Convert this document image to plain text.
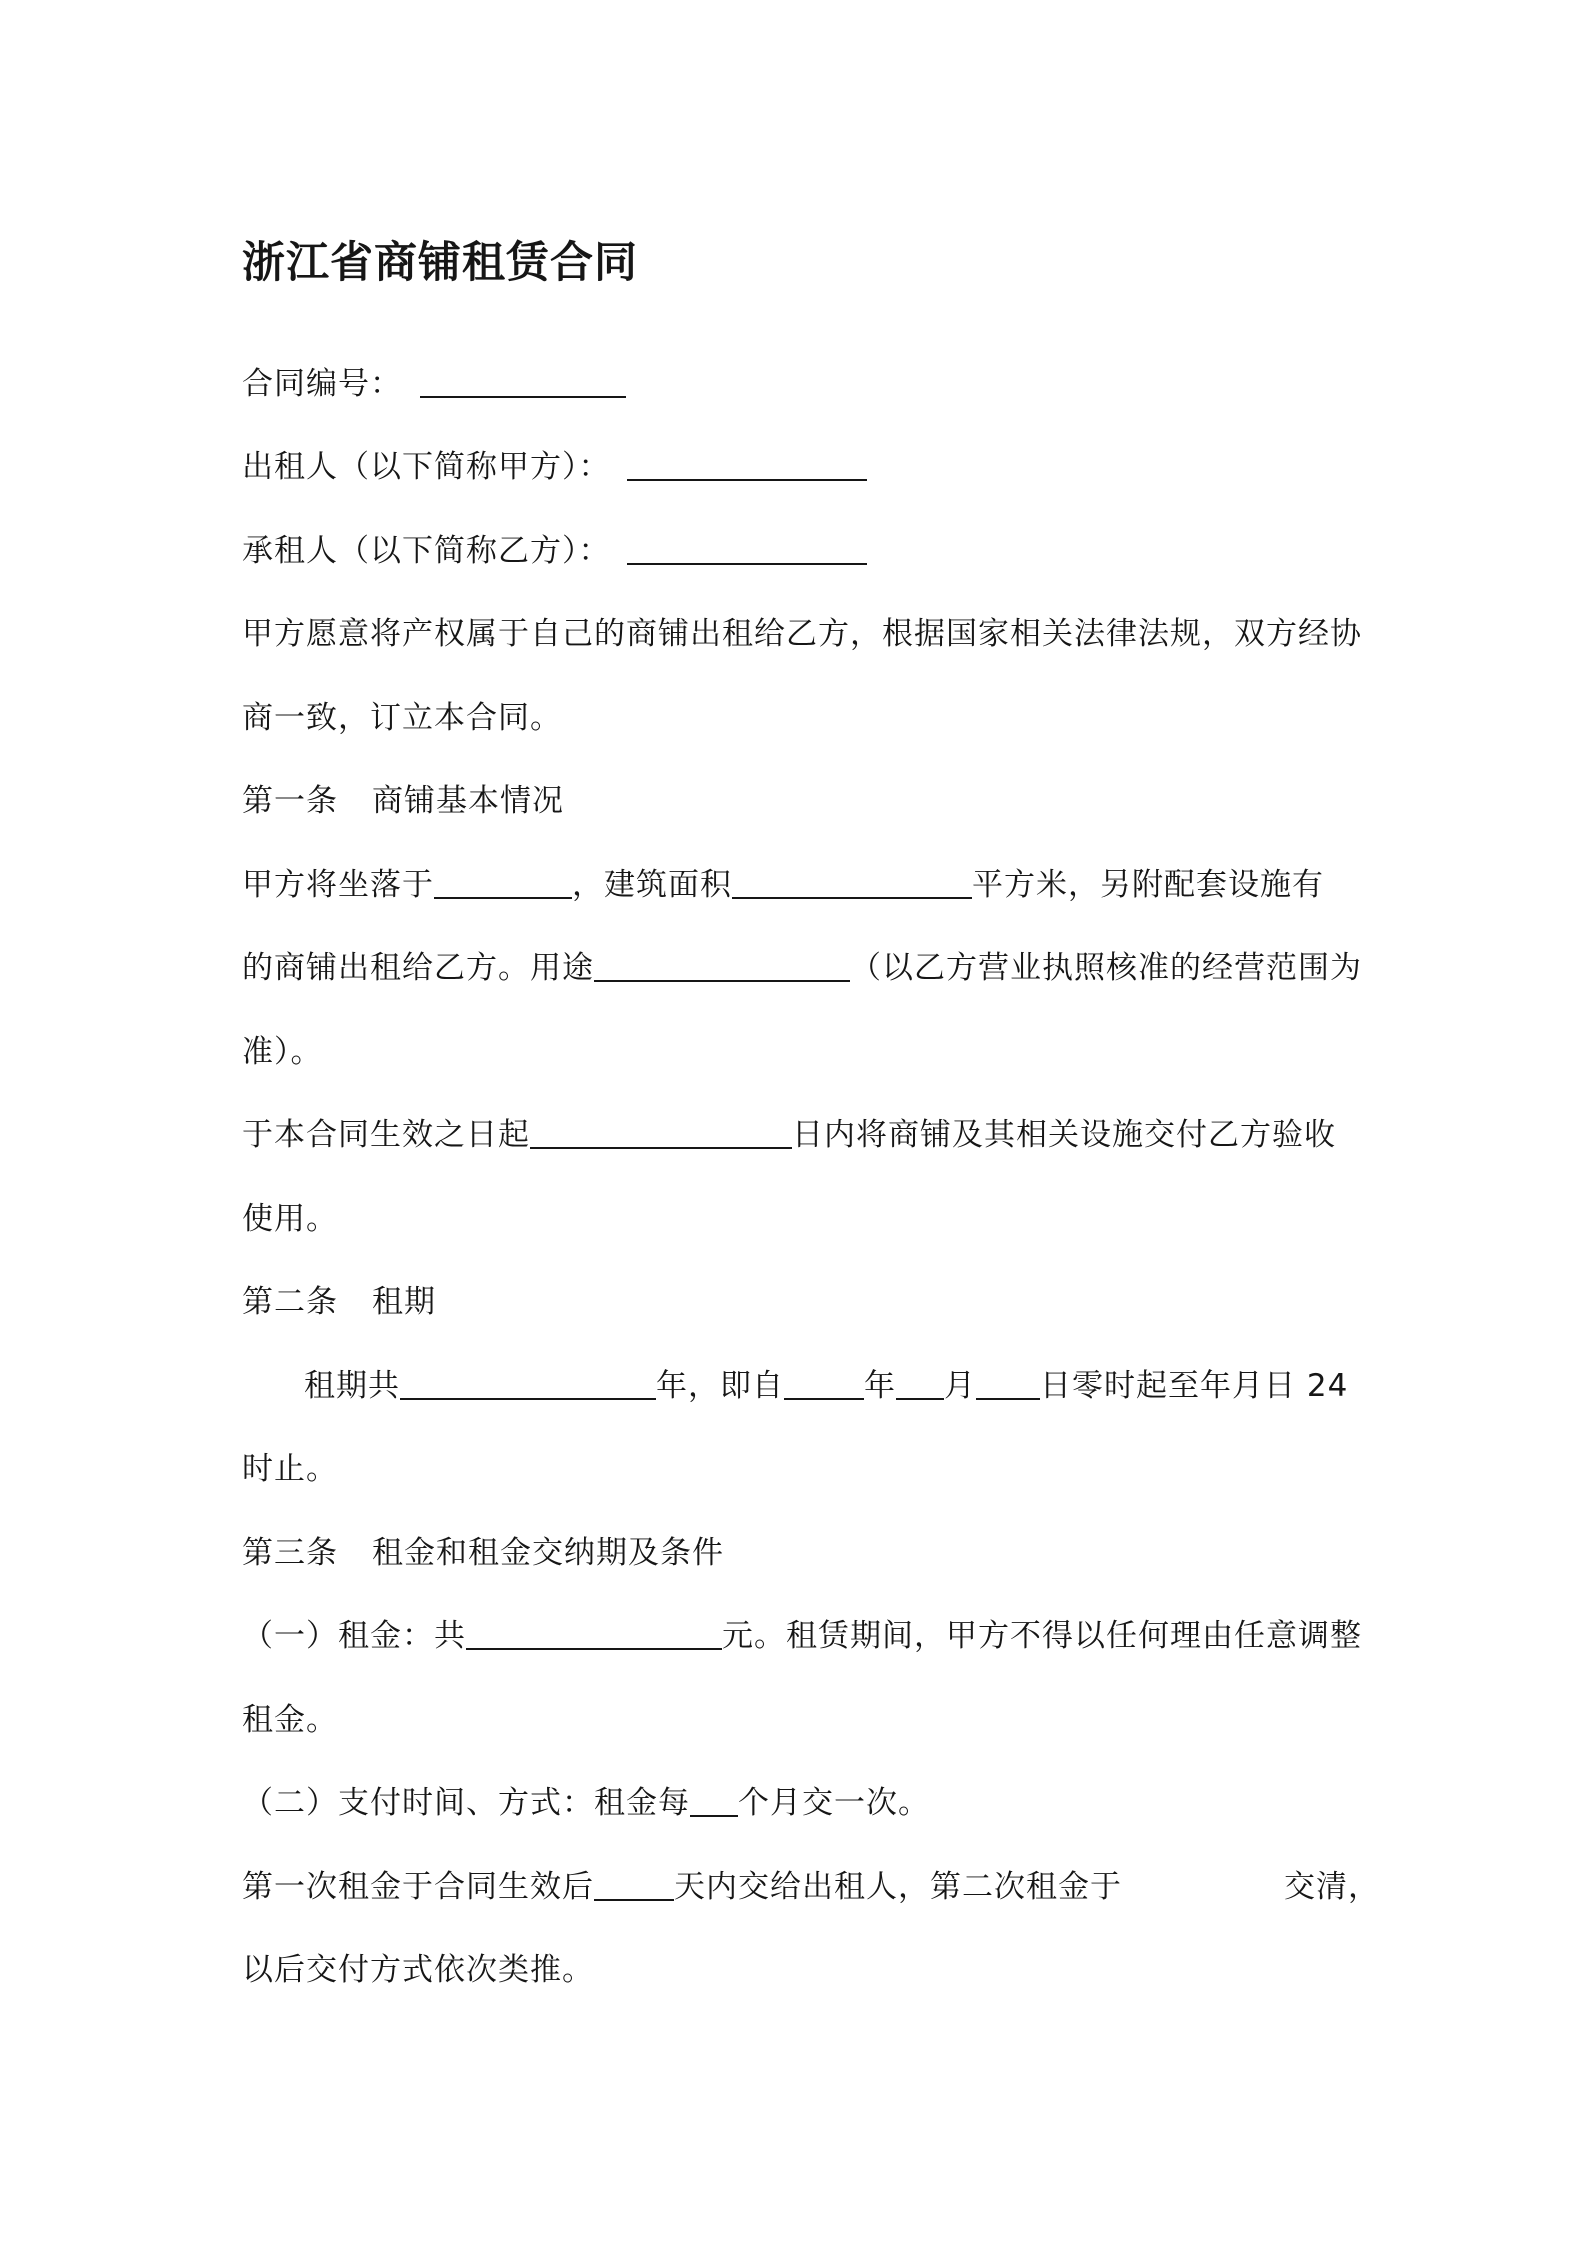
浙江省商铺租赁合同

合同编号：

出租人（以下简称甲方）：

承租人（以下简称乙方）：

甲方愿意将产权属于自己的商铺出租给乙方，根据国家相关法律法规，双方经协

商一致，订立本合同。

第一条 商铺基本情况

甲方将坐落于	，建筑面积	平方米，另附配套设施有

的商铺出租给乙方。用途	（以乙方营业执照核准的经营范围为

准）。

于本合同生效之日起	日内将商铺及其相关设施交付乙方验收

使用。

第二条 租期

租期共	年，即自	年 月 日零时起至年月日 24

时止。

第三条 租金和租金交纳期及条件

（一）租金：共	元。租赁期间，甲方不得以任何理由任意调整

租金。

（二）支付时间、方式：租金每 个月交一次。

第一次租金于合同生效后	天内交给出租人，第二次租金于	交清，

以后交付方式依次类推。
